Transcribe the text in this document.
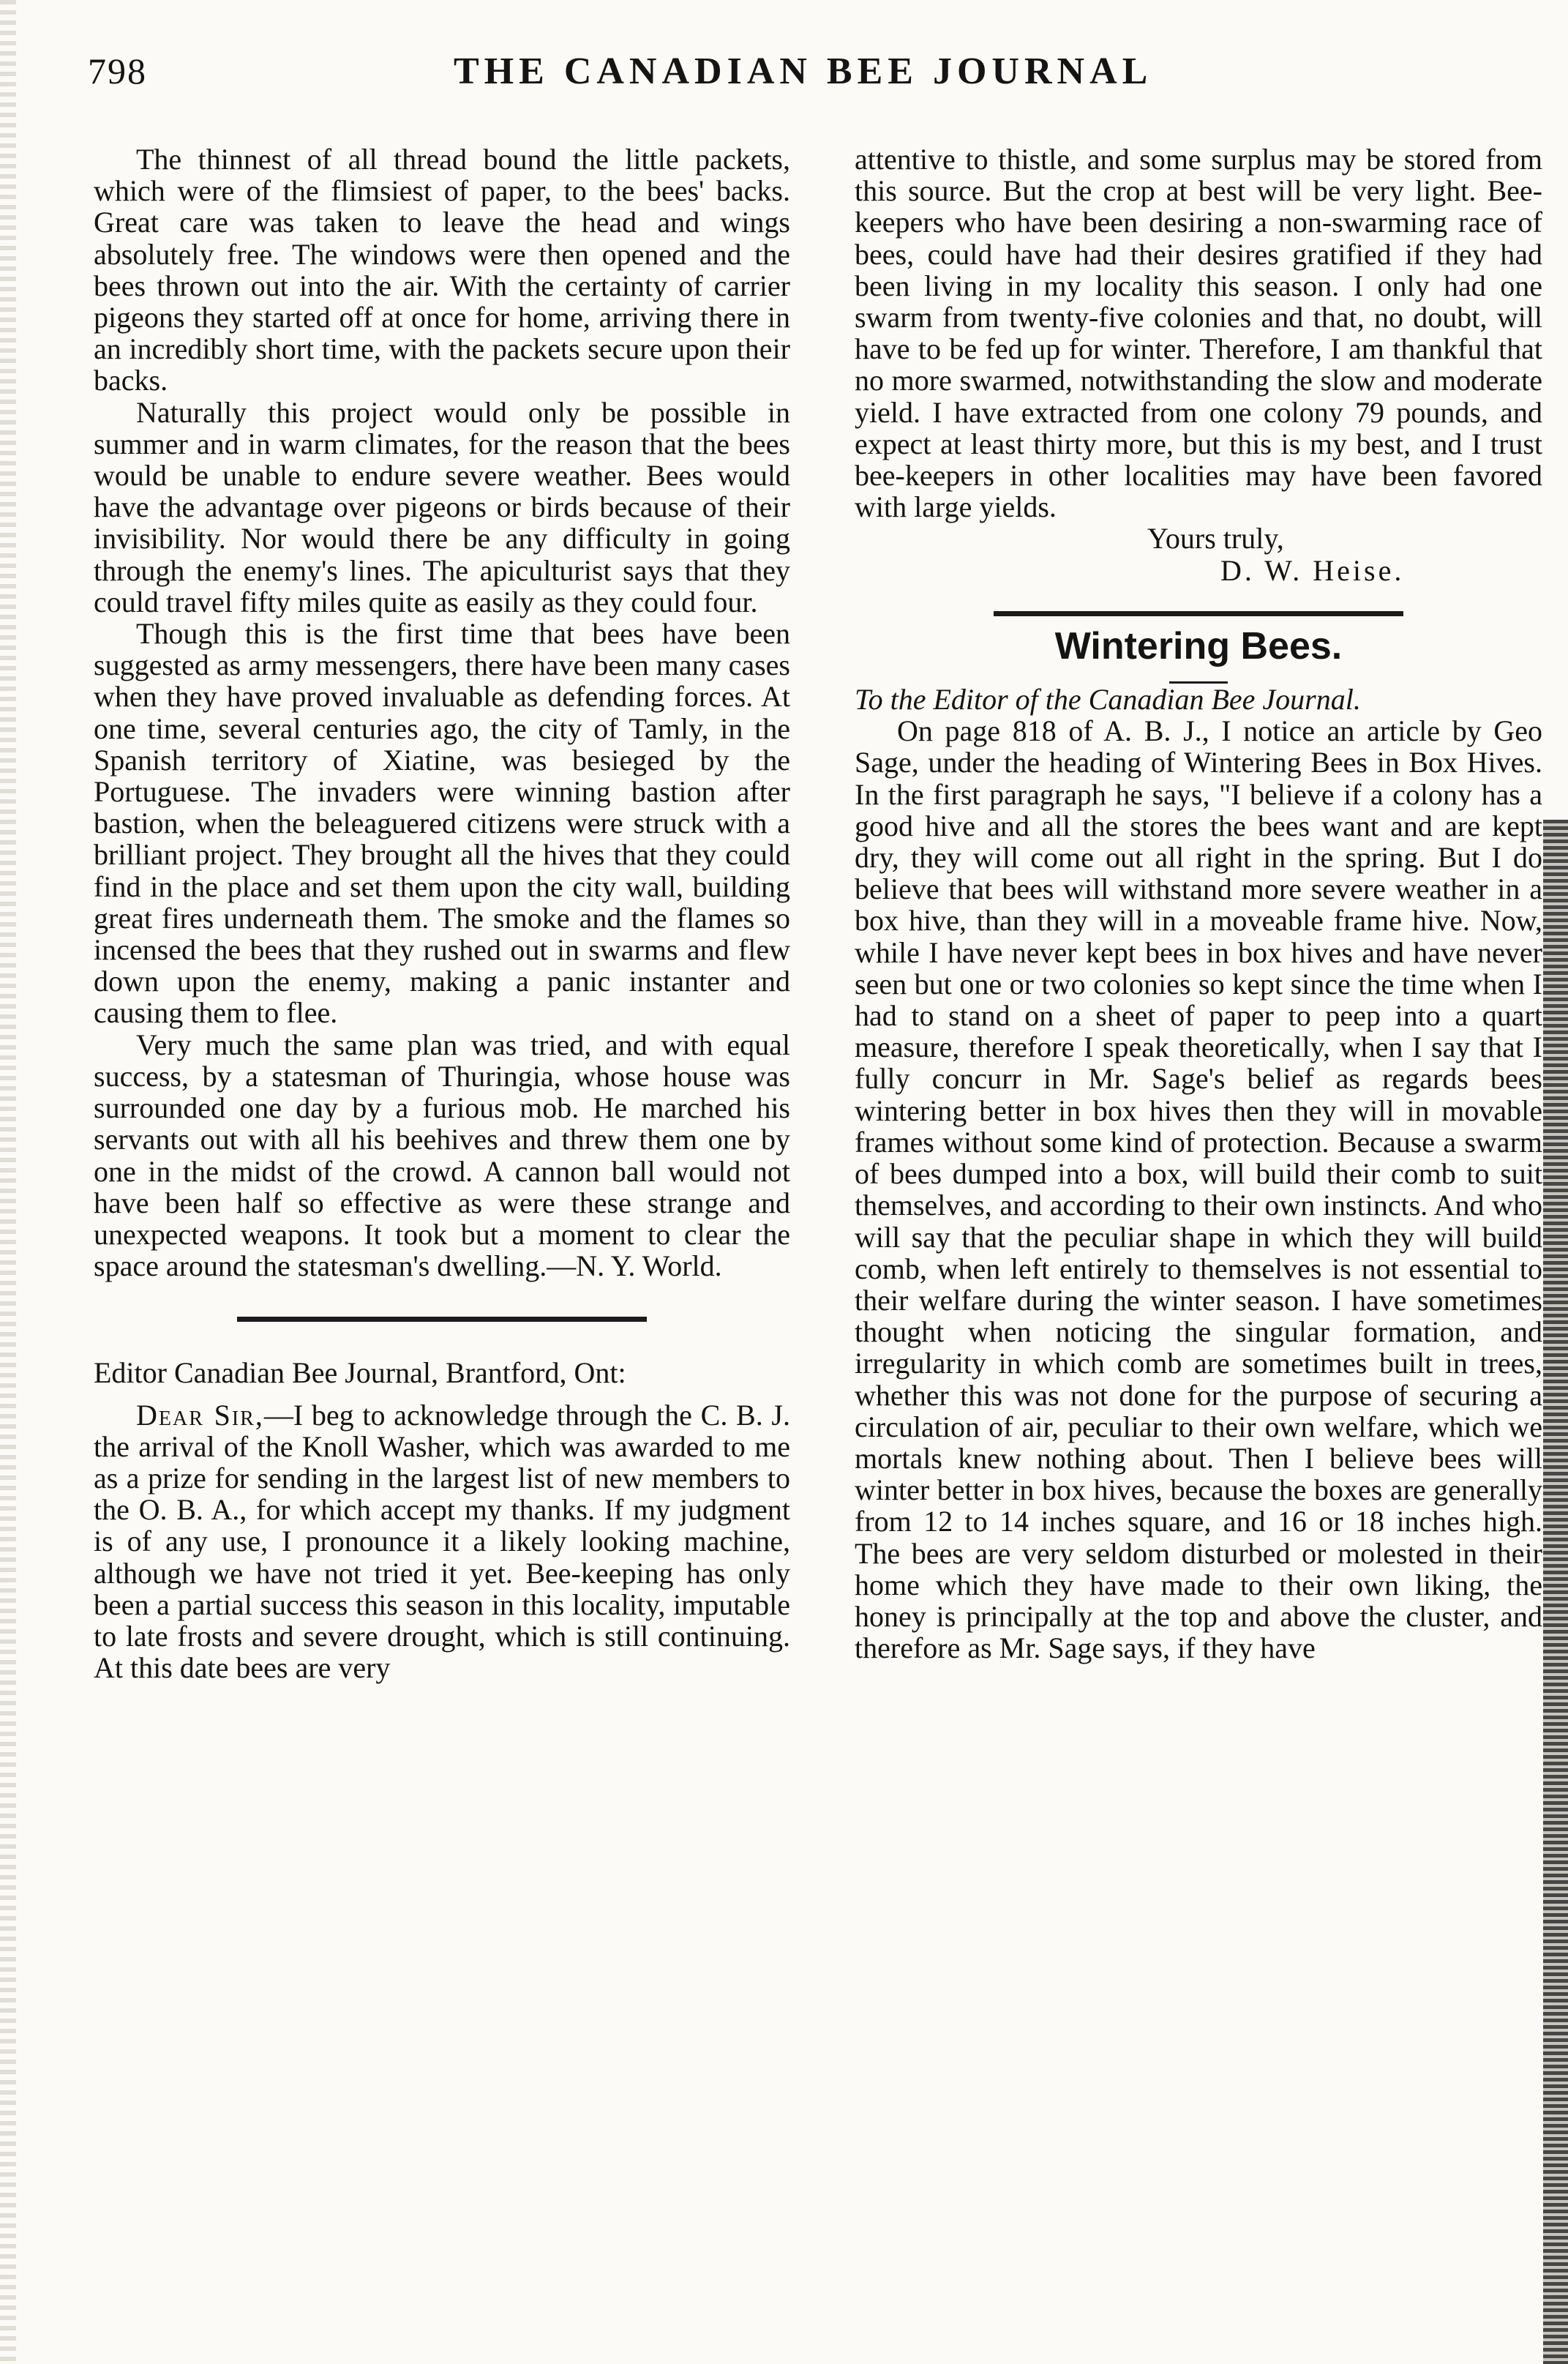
798	THE CANADIAN BEE JOURNAL

The thinnest of all thread bound the little packets, which were of the flimsiest of paper, to the bees' backs. Great care was taken to leave the head and wings absolutely free. The windows were then opened and the bees thrown out into the air. With the certainty of carrier pigeons they started off at once for home, arriving there in an incredibly short time, with the packets secure upon their backs.

Naturally this project would only be possible in summer and in warm climates, for the reason that the bees would be unable to endure severe weather. Bees would have the advantage over pigeons or birds because of their invisibility. Nor would there be any difficulty in going through the enemy's lines. The apiculturist says that they could travel fifty miles quite as easily as they could four.

Though this is the first time that bees have been suggested as army messengers, there have been many cases when they have proved invaluable as defending forces. At one time, several centuries ago, the city of Tamly, in the Spanish territory of Xiatine, was besieged by the Portuguese. The invaders were winning bastion after bastion, when the beleaguered citizens were struck with a brilliant project. They brought all the hives that they could find in the place and set them upon the city wall, building great fires underneath them. The smoke and the flames so incensed the bees that they rushed out in swarms and flew down upon the enemy, making a panic instanter and causing them to flee.

Very much the same plan was tried, and with equal success, by a statesman of Thuringia, whose house was surrounded one day by a furious mob. He marched his servants out with all his beehives and threw them one by one in the midst of the crowd. A cannon ball would not have been half so effective as were these strange and unexpected weapons. It took but a moment to clear the space around the statesman's dwelling.—N. Y. World.

Editor Canadian Bee Journal, Brantford, Ont:

Dear Sir,—I beg to acknowledge through the C. B. J. the arrival of the Knoll Washer, which was awarded to me as a prize for sending in the largest list of new members to the O. B. A., for which accept my thanks. If my judgment is of any use, I pronounce it a likely looking machine, although we have not tried it yet. Bee-keeping has only been a partial success this season in this locality, imputable to late frosts and severe drought, which is still continuing. At this date bees are very

attentive to thistle, and some surplus may be stored from this source. But the crop at best will be very light. Bee-keepers who have been desiring a non-swarming race of bees, could have had their desires gratified if they had been living in my locality this season. I only had one swarm from twenty-five colonies and that, no doubt, will have to be fed up for winter. Therefore, I am thankful that no more swarmed, notwithstanding the slow and moderate yield. I have extracted from one colony 79 pounds, and expect at least thirty more, but this is my best, and I trust bee-keepers in other localities may have been favored with large yields.

Yours truly,
D. W. Heise.
Wintering Bees.

To the Editor of the Canadian Bee Journal.

On page 818 of A. B. J., I notice an article by Geo Sage, under the heading of Wintering Bees in Box Hives. In the first paragraph he says, "I believe if a colony has a good hive and all the stores the bees want and are kept dry, they will come out all right in the spring. But I do believe that bees will withstand more severe weather in a box hive, than they will in a moveable frame hive. Now, while I have never kept bees in box hives and have never seen but one or two colonies so kept since the time when I had to stand on a sheet of paper to peep into a quart measure, therefore I speak theoretically, when I say that I fully concurr in Mr. Sage's belief as regards bees wintering better in box hives then they will in movable frames without some kind of protection. Because a swarm of bees dumped into a box, will build their comb to suit themselves, and according to their own instincts. And who will say that the peculiar shape in which they will build comb, when left entirely to themselves is not essential to their welfare during the winter season. I have sometimes thought when noticing the singular formation, and irregularity in which comb are sometimes built in trees, whether this was not done for the purpose of securing a circulation of air, peculiar to their own welfare, which we mortals knew nothing about. Then I believe bees will winter better in box hives, because the boxes are generally from 12 to 14 inches square, and 16 or 18 inches high. The bees are very seldom disturbed or molested in their home which they have made to their own liking, the honey is principally at the top and above the cluster, and therefore as Mr. Sage says, if they have
